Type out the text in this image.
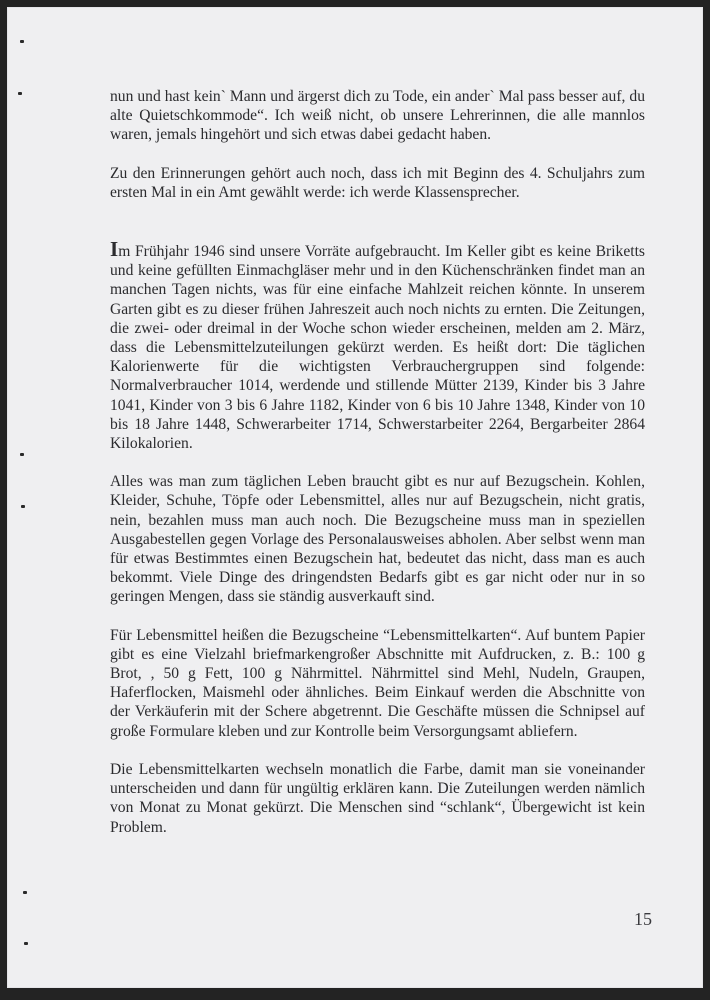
15

nun und hast kein` Mann und ärgerst dich zu Tode, ein ander` Mal pass besser auf, du alte Quietschkommode“. Ich weiß nicht, ob unsere Lehrerinnen, die alle mannlos waren, jemals hingehört und sich etwas dabei gedacht haben.

Zu den Erinnerungen gehört auch noch, dass ich mit Beginn des 4. Schuljahrs zum ersten Mal in ein Amt gewählt werde: ich werde Klassensprecher.

Im Frühjahr 1946 sind unsere Vorräte aufgebraucht. Im Keller gibt es keine Briketts und keine gefüllten Einmachgläser mehr und in den Küchenschränken findet man an manchen Tagen nichts, was für eine einfache Mahlzeit reichen könnte. In unserem Garten gibt es zu dieser frühen Jahreszeit auch noch nichts zu ernten. Die Zeitungen, die zwei- oder dreimal in der Woche schon wieder erscheinen, melden am 2. März, dass die Lebensmittelzuteilungen gekürzt werden. Es heißt dort: Die täglichen Kalorienwerte für die wichtigsten Verbrauchergruppen sind folgende: Normalverbraucher 1014, werdende und stillende Mütter 2139, Kinder bis 3 Jahre 1041, Kinder von 3 bis 6 Jahre 1182, Kinder von 6 bis 10 Jahre 1348, Kinder von 10 bis 18 Jahre 1448, Schwerarbeiter 1714, Schwerstarbeiter 2264, Bergarbeiter 2864 Kilokalorien.

Alles was man zum täglichen Leben braucht gibt es nur auf Bezugschein. Kohlen, Kleider, Schuhe, Töpfe oder Lebensmittel, alles nur auf Bezugschein, nicht gratis, nein, bezahlen muss man auch noch. Die Bezugscheine muss man in speziellen Ausgabestellen gegen Vorlage des Personalausweises abholen. Aber selbst wenn man für etwas Bestimmtes einen Bezugschein hat, bedeutet das nicht, dass man es auch bekommt. Viele Dinge des dringendsten Bedarfs gibt es gar nicht oder nur in so geringen Mengen, dass sie ständig ausverkauft sind.

Für Lebensmittel heißen die Bezugscheine “Lebensmittelkarten“. Auf buntem Papier gibt es eine Vielzahl briefmarkengroßer Abschnitte mit Aufdrucken, z. B.: 100 g Brot, , 50 g Fett, 100 g Nährmittel. Nährmittel sind Mehl, Nudeln, Graupen, Haferflocken, Maismehl oder ähnliches. Beim Einkauf werden die Abschnitte von der Verkäuferin mit der Schere abgetrennt. Die Geschäfte müssen die Schnipsel auf große Formulare kleben und zur Kontrolle beim Versorgungsamt abliefern.

Die Lebensmittelkarten wechseln monatlich die Farbe, damit man sie voneinander unterscheiden und dann für ungültig erklären kann. Die Zuteilungen werden nämlich von Monat zu Monat gekürzt. Die Menschen sind “schlank“, Übergewicht ist kein Problem.
